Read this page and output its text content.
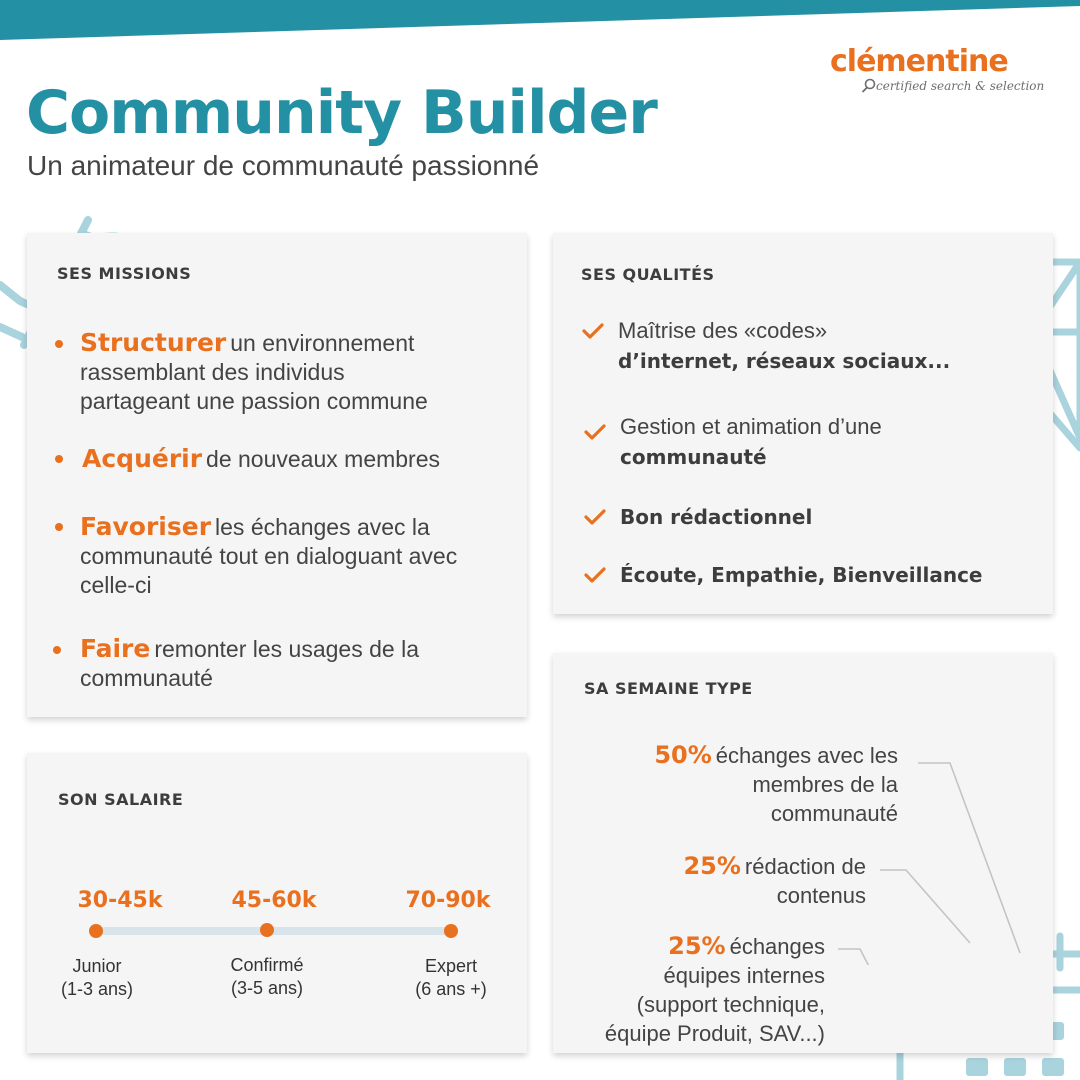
clémentine
certified search & selection
Community Builder
Un animateur de communauté passionné
SES MISSIONS
Structurer un environnement
rassemblant des individus
partageant une passion commune
Acquérir de nouveaux membres
Favoriser les échanges avec la
communauté tout en dialoguant avec
celle-ci
Faire remonter les usages de la
communauté
SES QUALITÉS
Maîtrise des «codes»
d’internet, réseaux sociaux...
Gestion et animation d’une
communauté
Bon rédactionnel
Écoute, Empathie, Bienveillance
SON SALAIRE
30-45k	45-60k	70-90k
Junior
(1-3 ans)
Confirmé
(3-5 ans)
Expert
(6 ans +)
SA SEMAINE TYPE
50% échanges avec les
membres de la
communauté
25% rédaction de
contenus
25% échanges
équipes internes
(support technique,
équipe Produit, SAV...)
